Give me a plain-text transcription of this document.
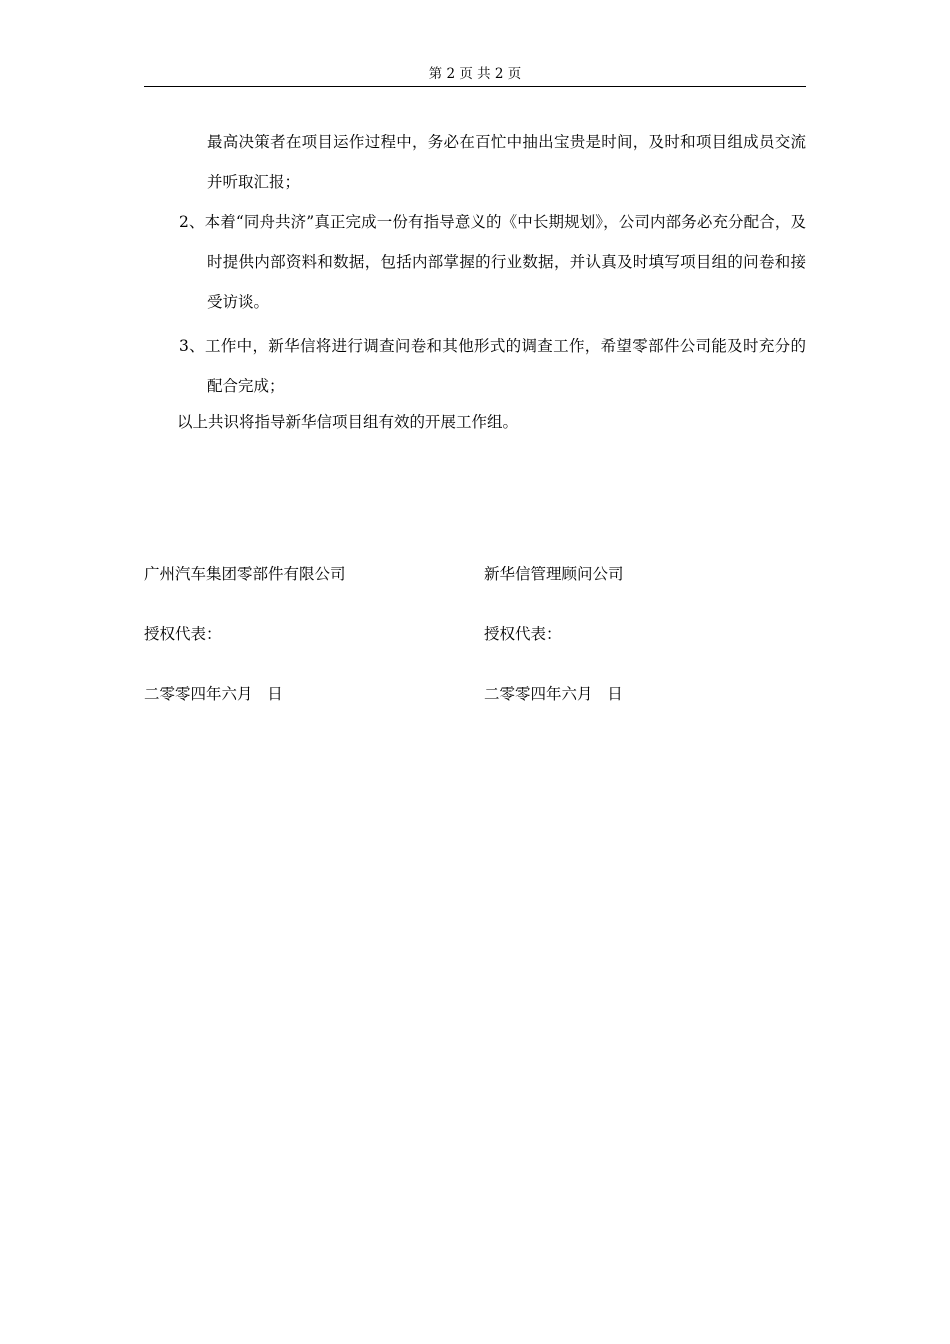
第 2 页 共 2 页
最高决策者在项目运作过程中，务必在百忙中抽出宝贵是时间，及时和项目组成员交流并听取汇报；
2、本着“同舟共济”真正完成一份有指导意义的《中长期规划》，公司内部务必充分配合，及时提供内部资料和数据，包括内部掌握的行业数据，并认真及时填写项目组的问卷和接受访谈。
3、工作中，新华信将进行调查问卷和其他形式的调查工作，希望零部件公司能及时充分的配合完成；
以上共识将指导新华信项目组有效的开展工作组。
广州汽车集团零部件有限公司	新华信管理顾问公司
授权代表：	授权代表：
二零零四年六月   日	二零零四年六月   日
